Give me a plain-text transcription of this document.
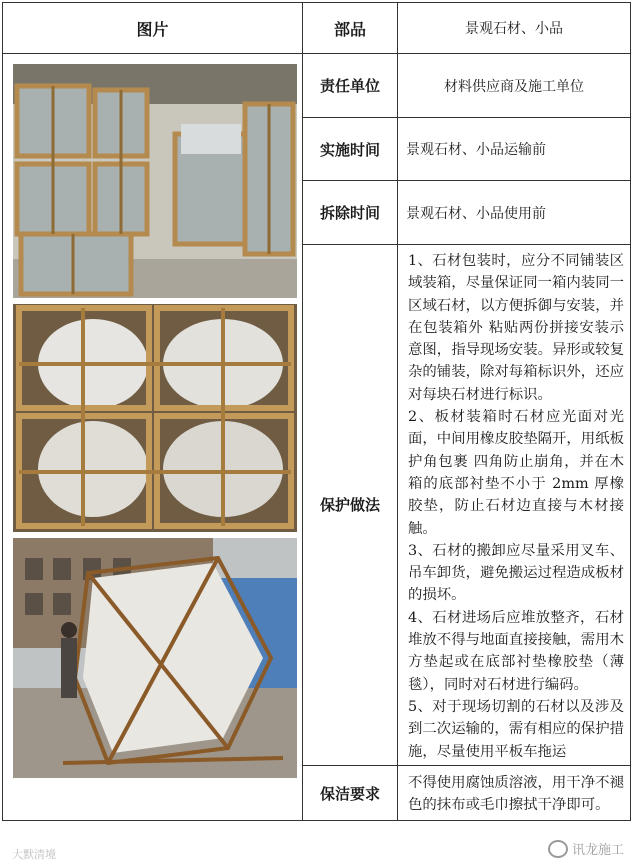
图片	部品	景观石材、小品

	责任单位	材料供应商及施工单位
	实施时间	景观石材、小品运输前
	拆除时间	景观石材、小品使用前
	保护做法	1、石材包装时，应分不同铺装区域装箱，尽量保证同一箱内装同一区域石材，以方便拆御与安装，并在包装箱外 粘贴两份拼接安装示意图，指导现场安装。异形或较复杂的铺装，除对每箱标识外，还应对每块石材进行标识。

2、板材装箱时石材应光面对光面，中间用橡皮胶垫隔开，用纸板护角包裹 四角防止崩角，并在木箱的底部衬垫不小于 2mm 厚橡胶垫，防止石材边直接与木材接触。

3、石材的搬卸应尽量采用叉车、吊车卸货，避免搬运过程造成板材的损坏。

4、石材进场后应堆放整齐，石材堆放不得与地面直接接触，需用木方垫起或在底部衬垫橡胶垫（薄毯），同时对石材进行编码。

5、对于现场切割的石材以及涉及到二次运输的，需有相应的保护措施，尽量使用平板车拖运

	保洁要求	不得使用腐蚀质溶液，用干净不褪色的抹布或毛巾擦拭干净即可。
大默清境	讯龙施工
